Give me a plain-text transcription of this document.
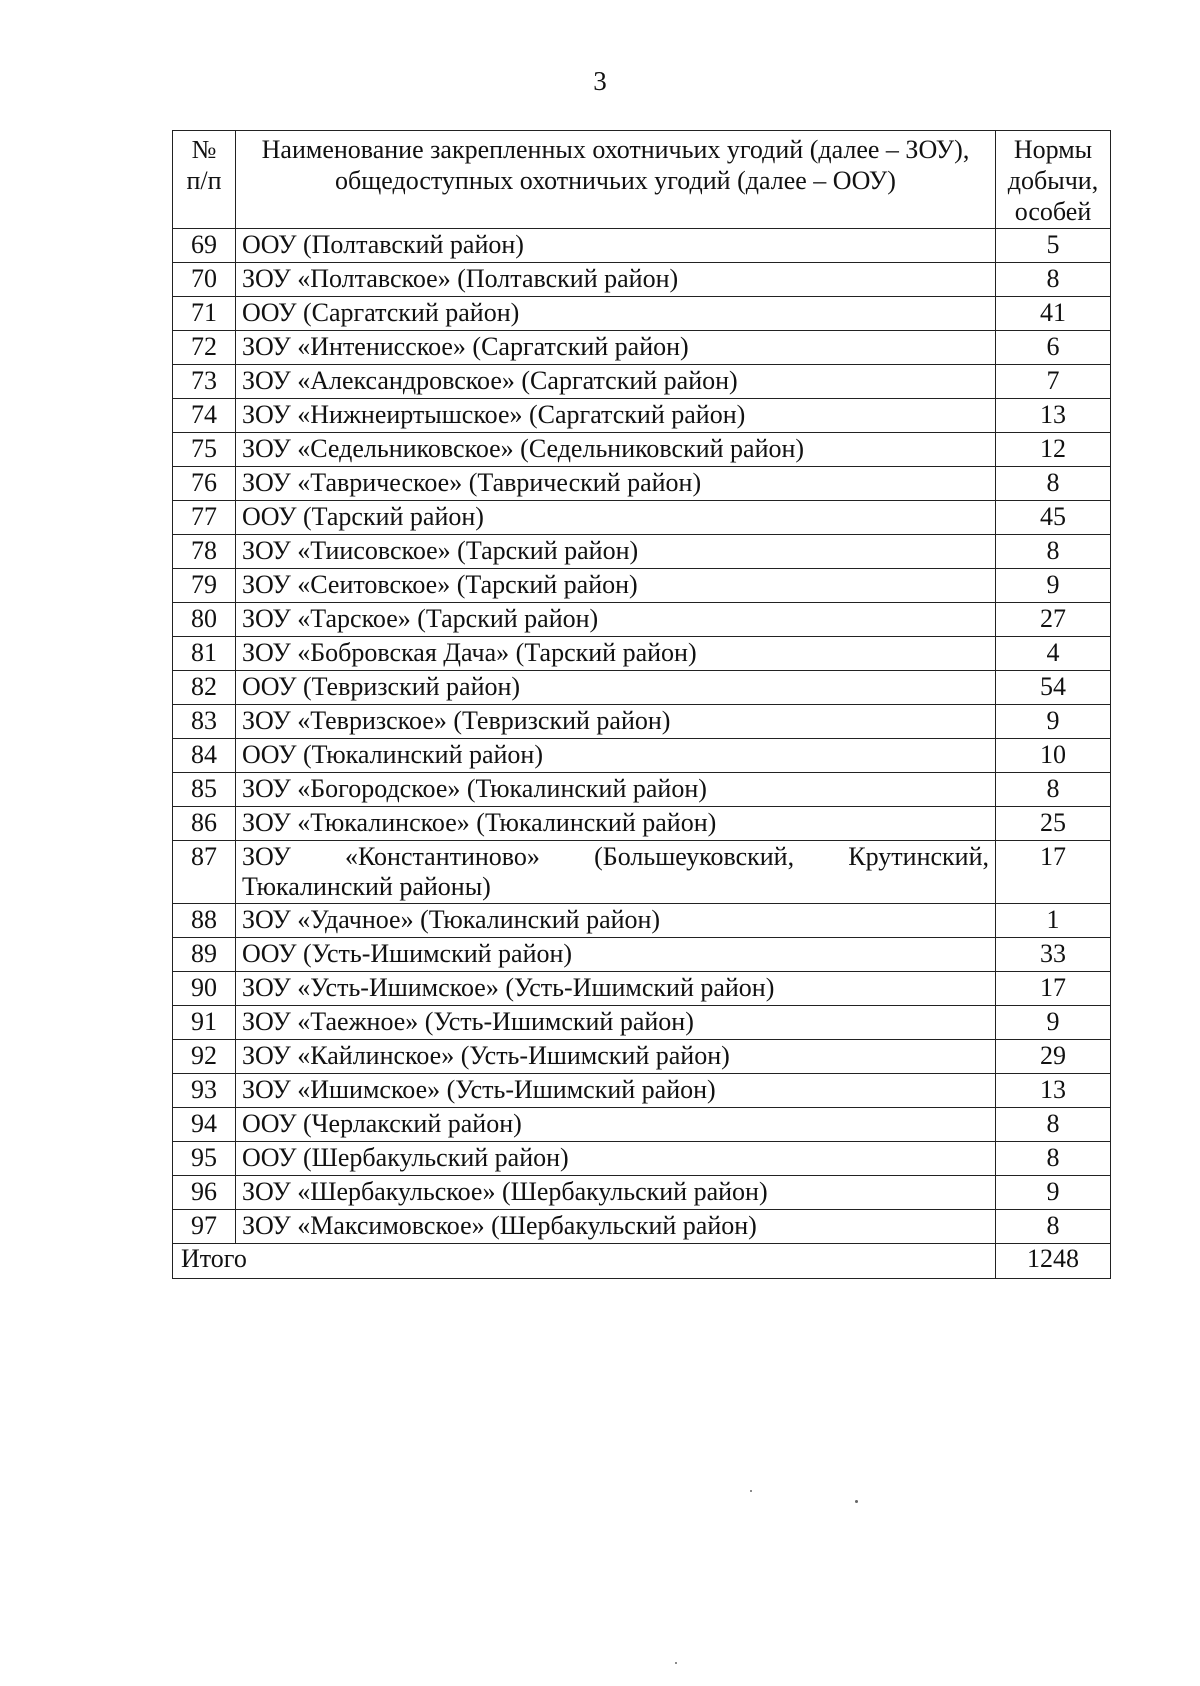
3
№ п/п	Наименование закрепленных охотничьих угодий (далее – ЗОУ), общедоступных охотничьих угодий (далее – ООУ)	Нормы добычи, особей
69	ООУ (Полтавский район)	5
70	ЗОУ «Полтавское» (Полтавский район)	8
71	ООУ (Саргатский район)	41
72	ЗОУ «Интенисское» (Саргатский район)	6
73	ЗОУ «Александровское» (Саргатский район)	7
74	ЗОУ «Нижнеиртышское» (Саргатский район)	13
75	ЗОУ «Седельниковское» (Седельниковский район)	12
76	ЗОУ «Таврическое» (Таврический район)	8
77	ООУ (Тарский район)	45
78	ЗОУ «Тиисовское» (Тарский район)	8
79	ЗОУ «Сеитовское» (Тарский район)	9
80	ЗОУ «Тарское» (Тарский район)	27
81	ЗОУ «Бобровская Дача» (Тарский район)	4
82	ООУ (Тевризский район)	54
83	ЗОУ «Тевризское» (Тевризский район)	9
84	ООУ (Тюкалинский район)	10
85	ЗОУ «Богородское» (Тюкалинский район)	8
86	ЗОУ «Тюкалинское» (Тюкалинский район)	25
87	ЗОУ «Константиново» (Большеуковский, Крутинский, Тюкалинский районы)	17
88	ЗОУ «Удачное» (Тюкалинский район)	1
89	ООУ (Усть-Ишимский район)	33
90	ЗОУ «Усть-Ишимское» (Усть-Ишимский район)	17
91	ЗОУ «Таежное» (Усть-Ишимский район)	9
92	ЗОУ «Кайлинское» (Усть-Ишимский район)	29
93	ЗОУ «Ишимское» (Усть-Ишимский район)	13
94	ООУ (Черлакский район)	8
95	ООУ (Шербакульский район)	8
96	ЗОУ «Шербакульское» (Шербакульский район)	9
97	ЗОУ «Максимовское» (Шербакульский район)	8
Итого		1248
